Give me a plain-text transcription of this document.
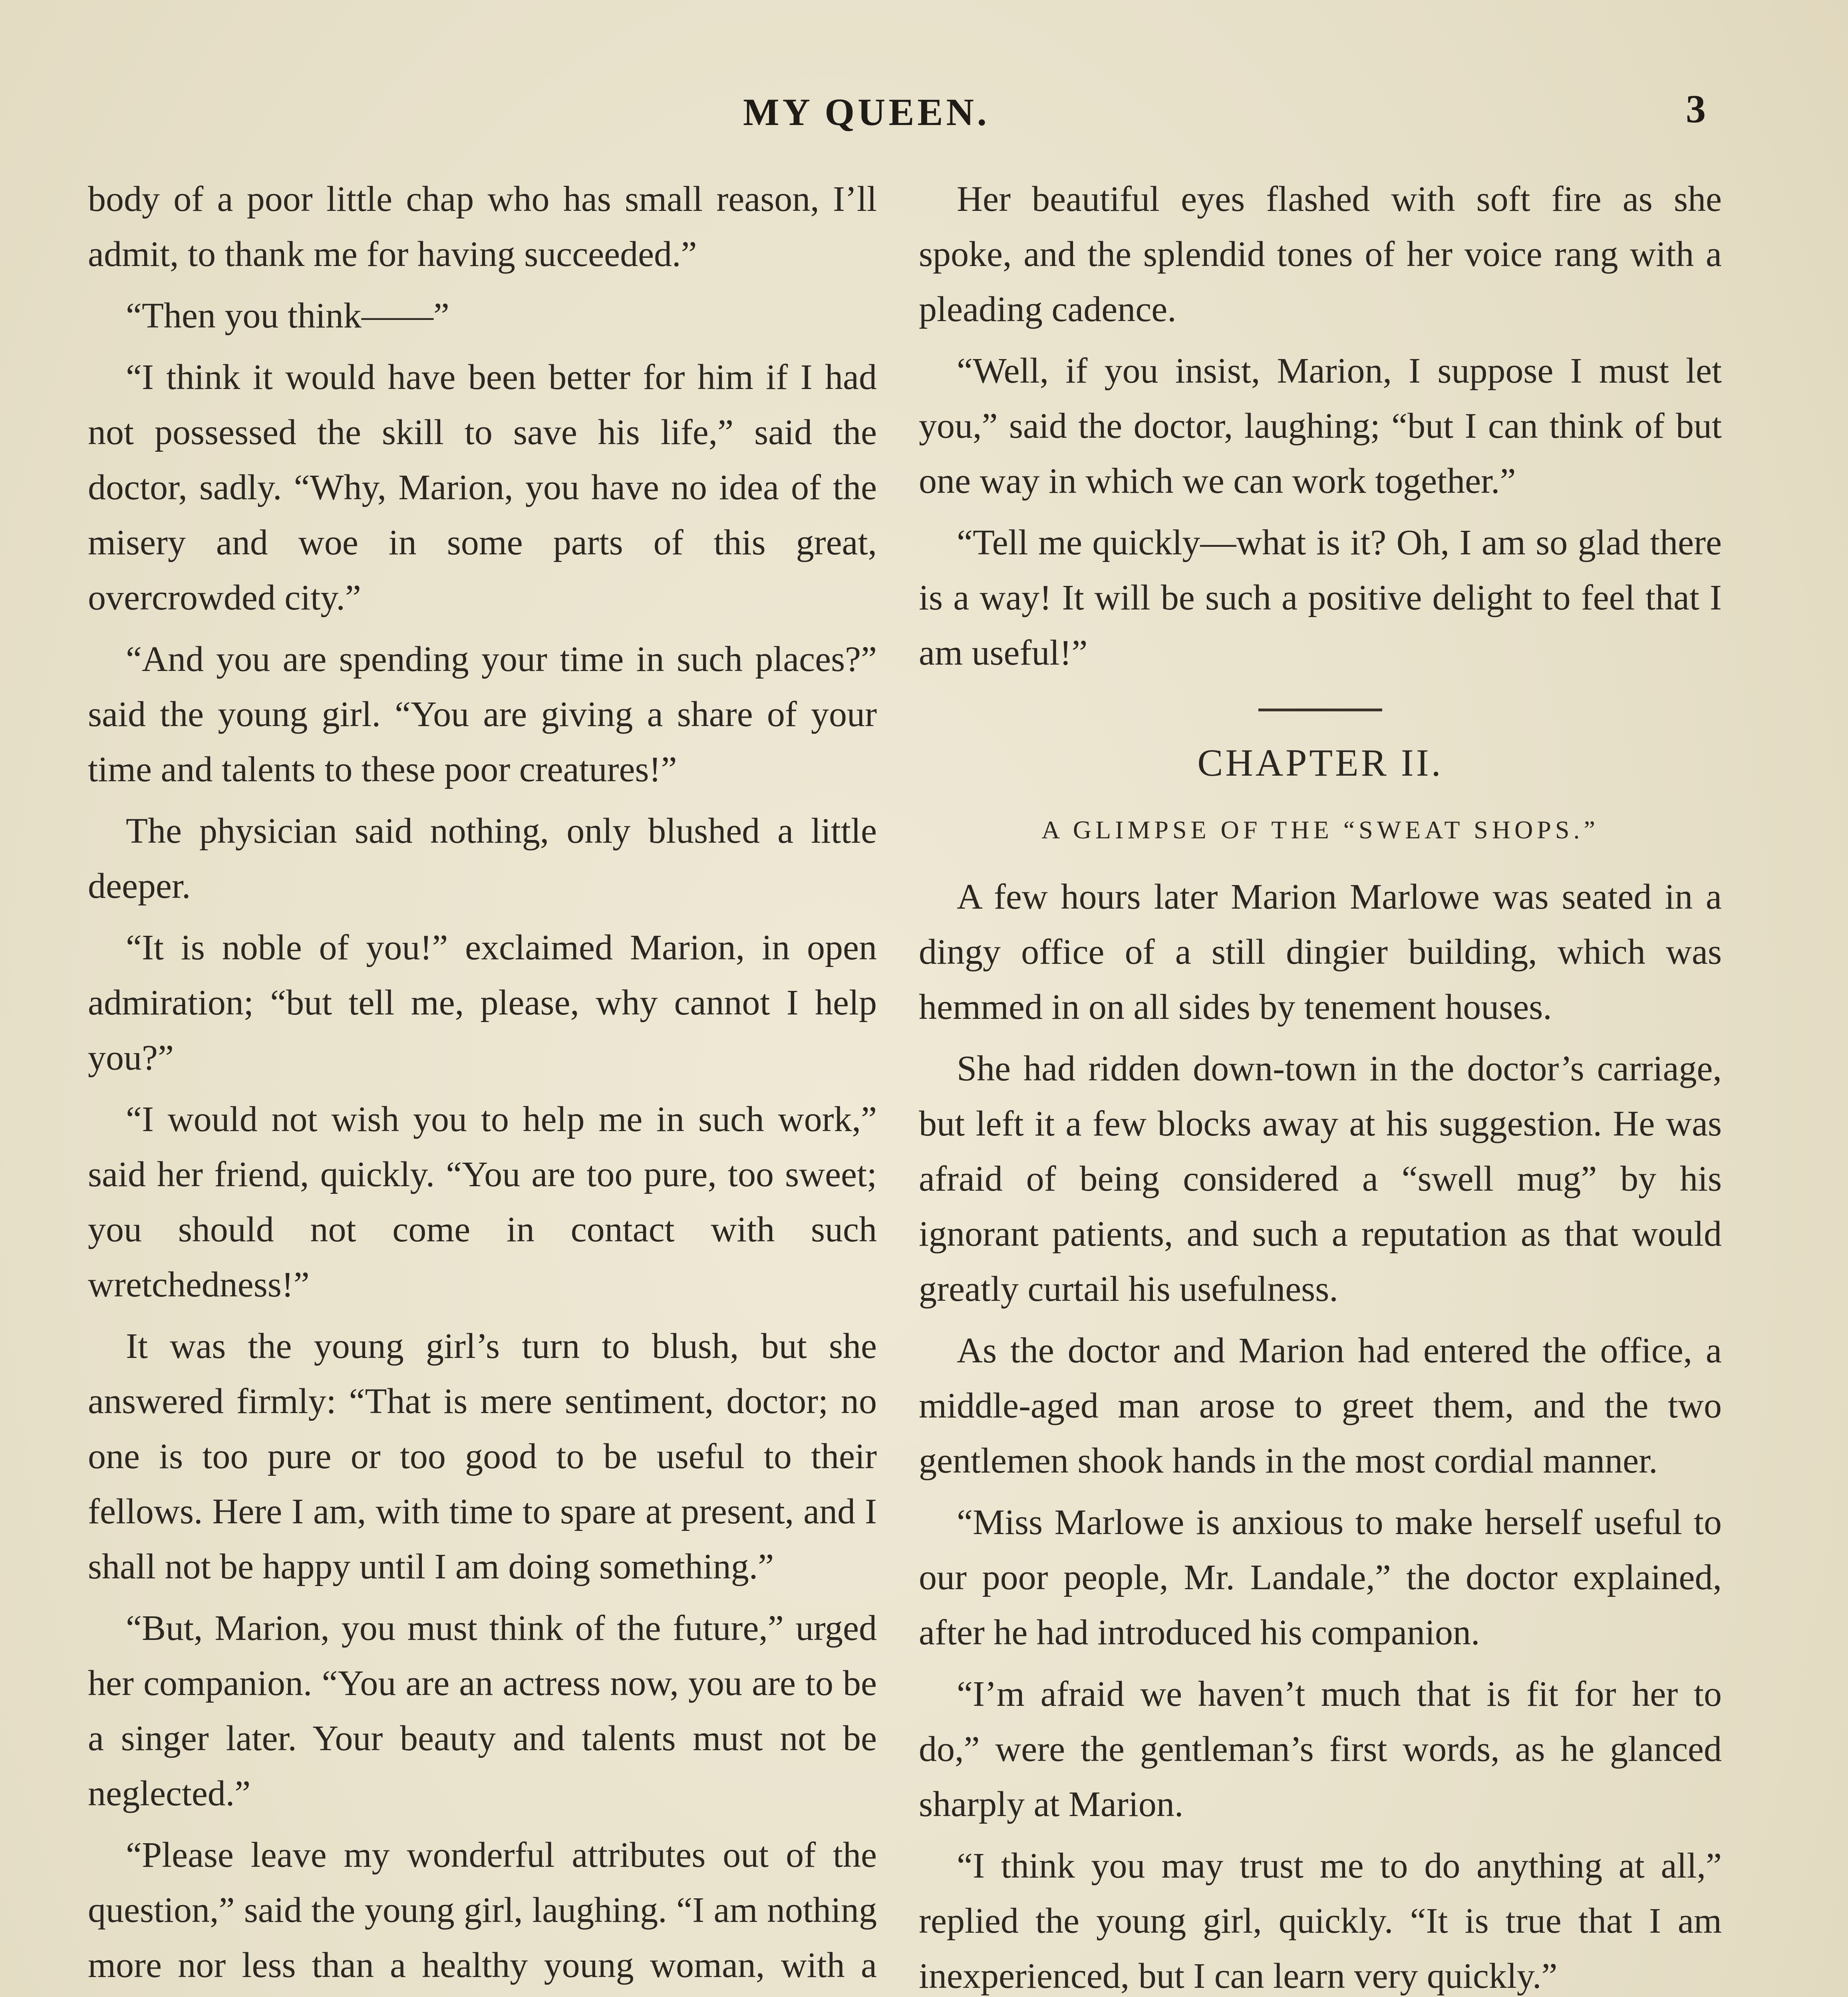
MY QUEEN.	3

body of a poor little chap who has small reason, I’ll admit, to thank me for having succeeded.”

“Then you think——”

“I think it would have been better for him if I had not possessed the skill to save his life,” said the doctor, sadly. “Why, Marion, you have no idea of the misery and woe in some parts of this great, overcrowded city.”

“And you are spending your time in such places?” said the young girl. “You are giving a share of your time and talents to these poor creatures!”

The physician said nothing, only blushed a little deeper.

“It is noble of you!” exclaimed Marion, in open admiration; “but tell me, please, why cannot I help you?”

“I would not wish you to help me in such work,” said her friend, quickly. “You are too pure, too sweet; you should not come in contact with such wretchedness!”

It was the young girl’s turn to blush, but she answered firmly: “That is mere sentiment, doctor; no one is too pure or too good to be useful to their fellows. Here I am, with time to spare at present, and I shall not be happy until I am doing something.”

“But, Marion, you must think of the future,” urged her companion. “You are an actress now, you are to be a singer later. Your beauty and talents must not be neglected.”

“Please leave my wonderful attributes out of the question,” said the young girl, laughing. “I am nothing more nor less than a healthy young woman, with a

Her beautiful eyes flashed with soft fire as she spoke, and the splendid tones of her voice rang with a pleading cadence.

“Well, if you insist, Marion, I suppose I must let you,” said the doctor, laughing; “but I can think of but one way in which we can work together.”

“Tell me quickly—what is it? Oh, I am so glad there is a way! It will be such a positive delight to feel that I am useful!”

CHAPTER II.
A GLIMPSE OF THE “SWEAT SHOPS.”

A few hours later Marion Marlowe was seated in a dingy office of a still dingier building, which was hemmed in on all sides by tenement houses.

She had ridden down-town in the doctor’s carriage, but left it a few blocks away at his suggestion. He was afraid of being considered a “swell mug” by his ignorant patients, and such a reputation as that would greatly curtail his usefulness.

As the doctor and Marion had entered the office, a middle-aged man arose to greet them, and the two gentlemen shook hands in the most cordial manner.

“Miss Marlowe is anxious to make herself useful to our poor people, Mr. Landale,” the doctor explained, after he had introduced his companion.

“I’m afraid we haven’t much that is fit for her to do,” were the gentleman’s first words, as he glanced sharply at Marion.

“I think you may trust me to do anything at all,” replied the young girl, quickly. “It is true that I am inexperienced, but I can learn very quickly.”
